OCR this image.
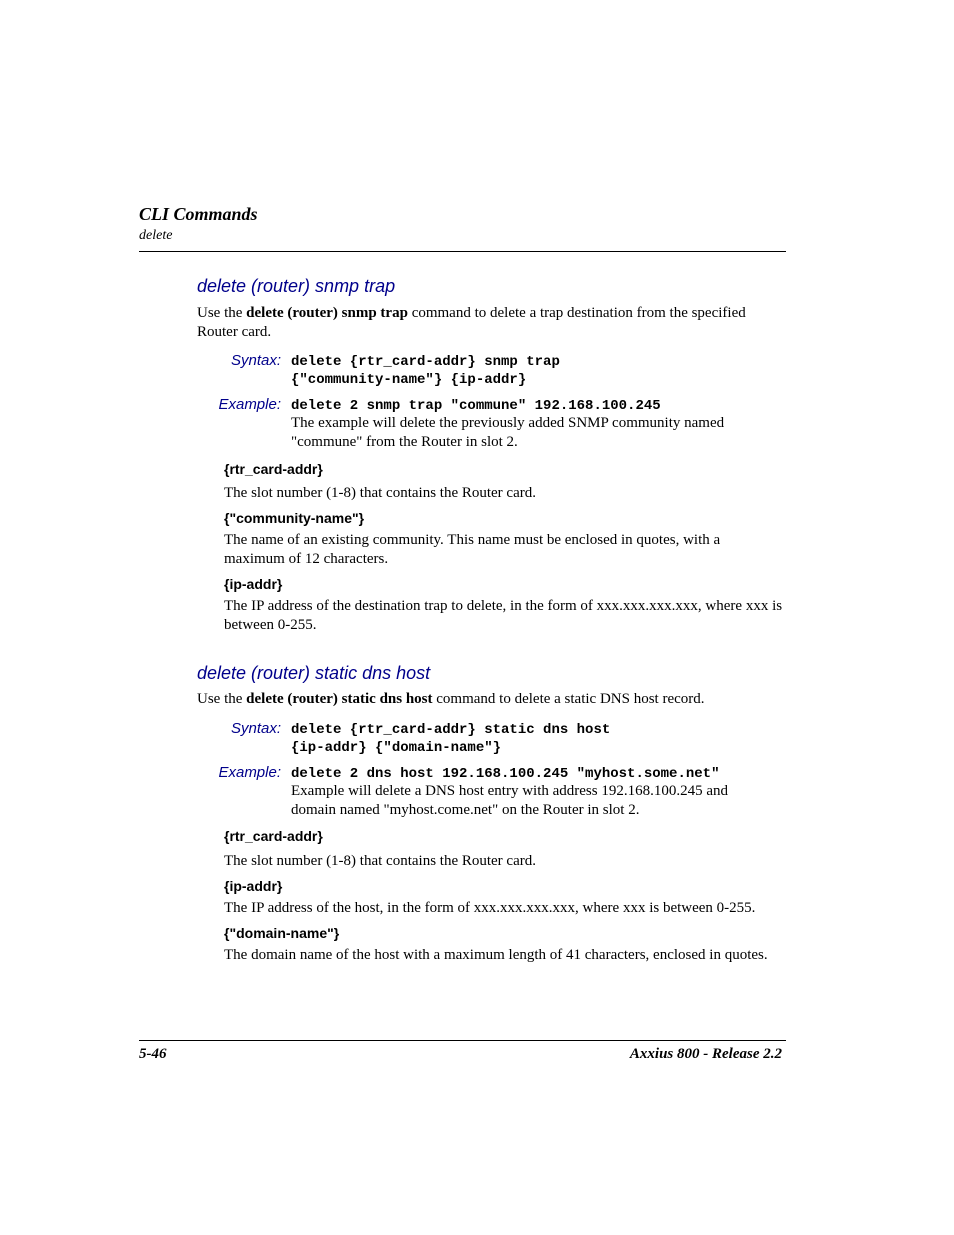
CLI Commands
delete
delete (router) snmp trap
Use the delete (router) snmp trap command to delete a trap destination from the specified Router card.
Syntax: delete {rtr_card-addr} snmp trap
{"community-name"} {ip-addr}
Example: delete 2 snmp trap "commune" 192.168.100.245
The example will delete the previously added SNMP community named "commune" from the Router in slot 2.
{rtr_card-addr}
The slot number (1-8) that contains the Router card.
{"community-name"}
The name of an existing community. This name must be enclosed in quotes, with a maximum of 12 characters.
{ip-addr}
The IP address of the destination trap to delete, in the form of xxx.xxx.xxx.xxx, where xxx is between 0-255.
delete (router) static dns host
Use the delete (router) static dns host command to delete a static DNS host record.
Syntax: delete {rtr_card-addr} static dns host
{ip-addr} {"domain-name"}
Example: delete 2 dns host 192.168.100.245 "myhost.some.net"
Example will delete a DNS host entry with address 192.168.100.245 and domain named "myhost.come.net" on the Router in slot 2.
{rtr_card-addr}
The slot number (1-8) that contains the Router card.
{ip-addr}
The IP address of the host, in the form of xxx.xxx.xxx.xxx, where xxx is between 0-255.
{"domain-name"}
The domain name of the host with a maximum length of 41 characters, enclosed in quotes.
5-46	Axxius 800 - Release 2.2
